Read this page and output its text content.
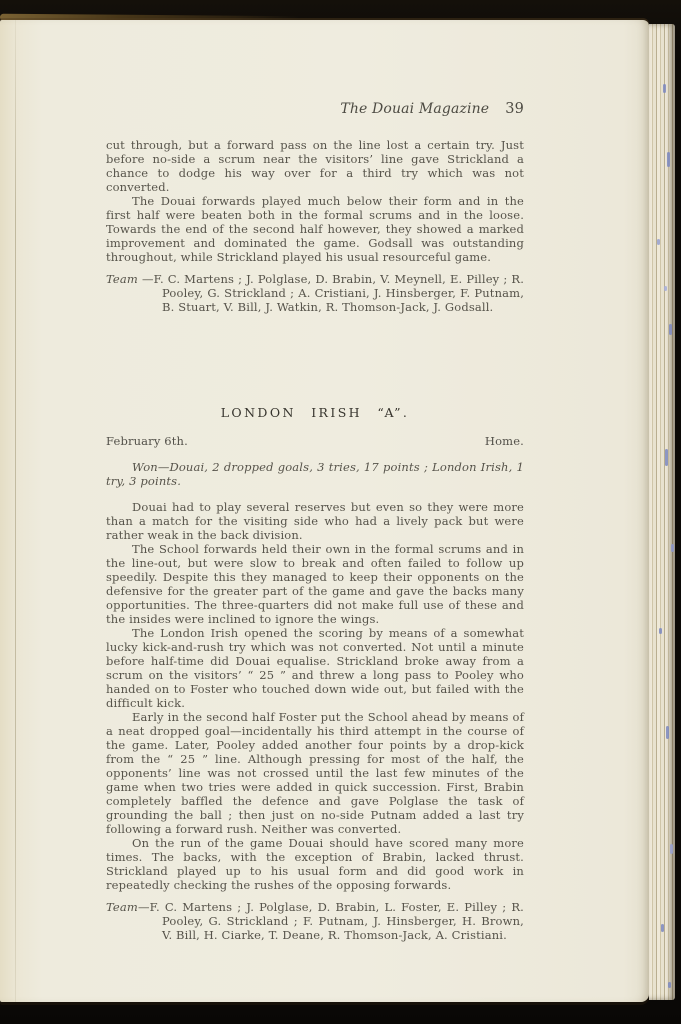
The Douai Magazine 39

cut through, but a forward pass on the line lost a certain try. Just before no-side a scrum near the visitors’ line gave Strickland a chance to dodge his way over for a third try which was not converted.

The Douai forwards played much below their form and in the first half were beaten both in the formal scrums and in the loose. Towards the end of the second half however, they showed a marked improvement and dominated the game. Godsall was outstanding throughout, while Strickland played his usual resourceful game.

Team —F. C. Martens ; J. Polglase, D. Brabin, V. Meynell, E. Pilley ; R. Pooley, G. Strickland ; A. Cristiani, J. Hinsberger, F. Putnam, B. Stuart, V. Bill, J. Watkin, R. Thomson-Jack, J. Godsall.

LONDON IRISH “A”.
February 6th.	Home.

Won—Douai, 2 dropped goals, 3 tries, 17 points ; London Irish, 1 try, 3 points.

Douai had to play several reserves but even so they were more than a match for the visiting side who had a lively pack but were rather weak in the back division.

The School forwards held their own in the formal scrums and in the line-out, but were slow to break and often failed to follow up speedily. Despite this they managed to keep their opponents on the defensive for the greater part of the game and gave the backs many opportunities. The three-quarters did not make full use of these and the insides were inclined to ignore the wings.

The London Irish opened the scoring by means of a somewhat lucky kick-and-rush try which was not converted. Not until a minute before half-time did Douai equalise. Strickland broke away from a scrum on the visitors’ “ 25 ” and threw a long pass to Pooley who handed on to Foster who touched down wide out, but failed with the difficult kick.

Early in the second half Foster put the School ahead by means of a neat dropped goal—incidentally his third attempt in the course of the game. Later, Pooley added another four points by a drop-kick from the “ 25 ” line. Although pressing for most of the half, the opponents’ line was not crossed until the last few minutes of the game when two tries were added in quick succession. First, Brabin completely baffled the defence and gave Polglase the task of grounding the ball ; then just on no-side Putnam added a last try following a forward rush. Neither was converted.

On the run of the game Douai should have scored many more times. The backs, with the exception of Brabin, lacked thrust. Strickland played up to his usual form and did good work in repeatedly checking the rushes of the opposing forwards.

Team—F. C. Martens ; J. Polglase, D. Brabin, L. Foster, E. Pilley ; R. Pooley, G. Strickland ; F. Putnam, J. Hinsberger, H. Brown, V. Bill, H. Ciarke, T. Deane, R. Thomson-Jack, A. Cristiani.
